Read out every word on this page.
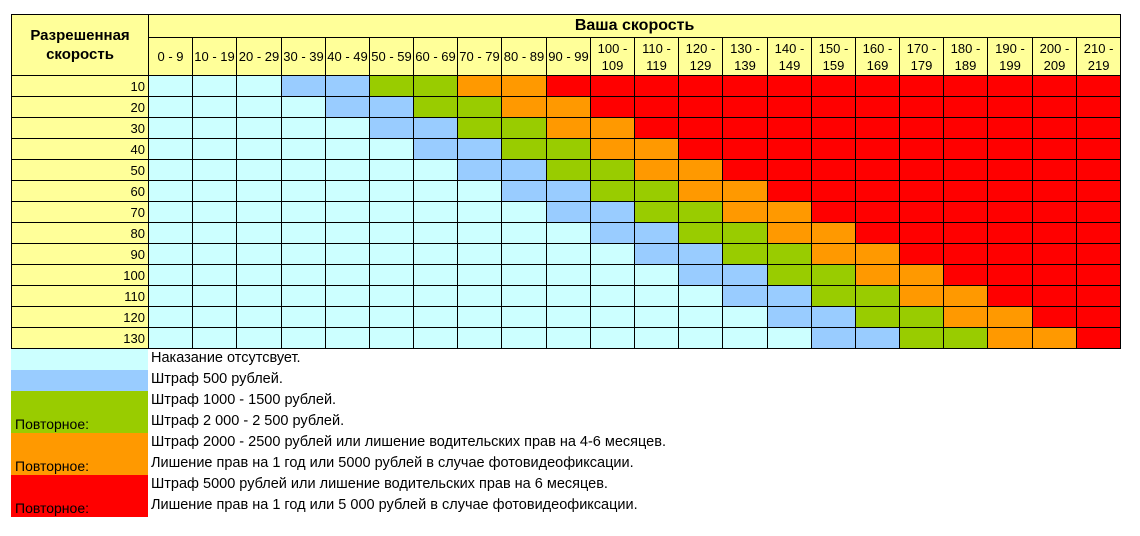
Разрешенная скорость	Ваша скорость																					
	0 - 9	10 - 19	20 - 29	30 - 39	40 - 49	50 - 59	60 - 69	70 - 79	80 - 89	90 - 99	100 - 109	110 - 119	120 - 129	130 - 139	140 - 149	150 - 159	160 - 169	170 - 179	180 - 189	190 - 199	200 - 209	210 - 219
10																						
20																						
30																						
40																						
50																						
60																						
70																						
80																						
90																						
100																						
110																						
120																						
130																						
Наказание отсутсвует.
Штраф 500 рублей.
Штраф 1000 - 1500 рублей.
Повторное:	Штраф 2 000 - 2 500 рублей.
Штраф 2000 - 2500 рублей или лишение водительских прав на 4-6 месяцев.
Повторное:	Лишение прав на 1 год или 5000 рублей в случае фотовидеофиксации.
Штраф 5000 рублей или лишение водительских прав на 6 месяцев.
Повторное:	Лишение прав на 1 год или 5 000 рублей в случае фотовидеофиксации.
